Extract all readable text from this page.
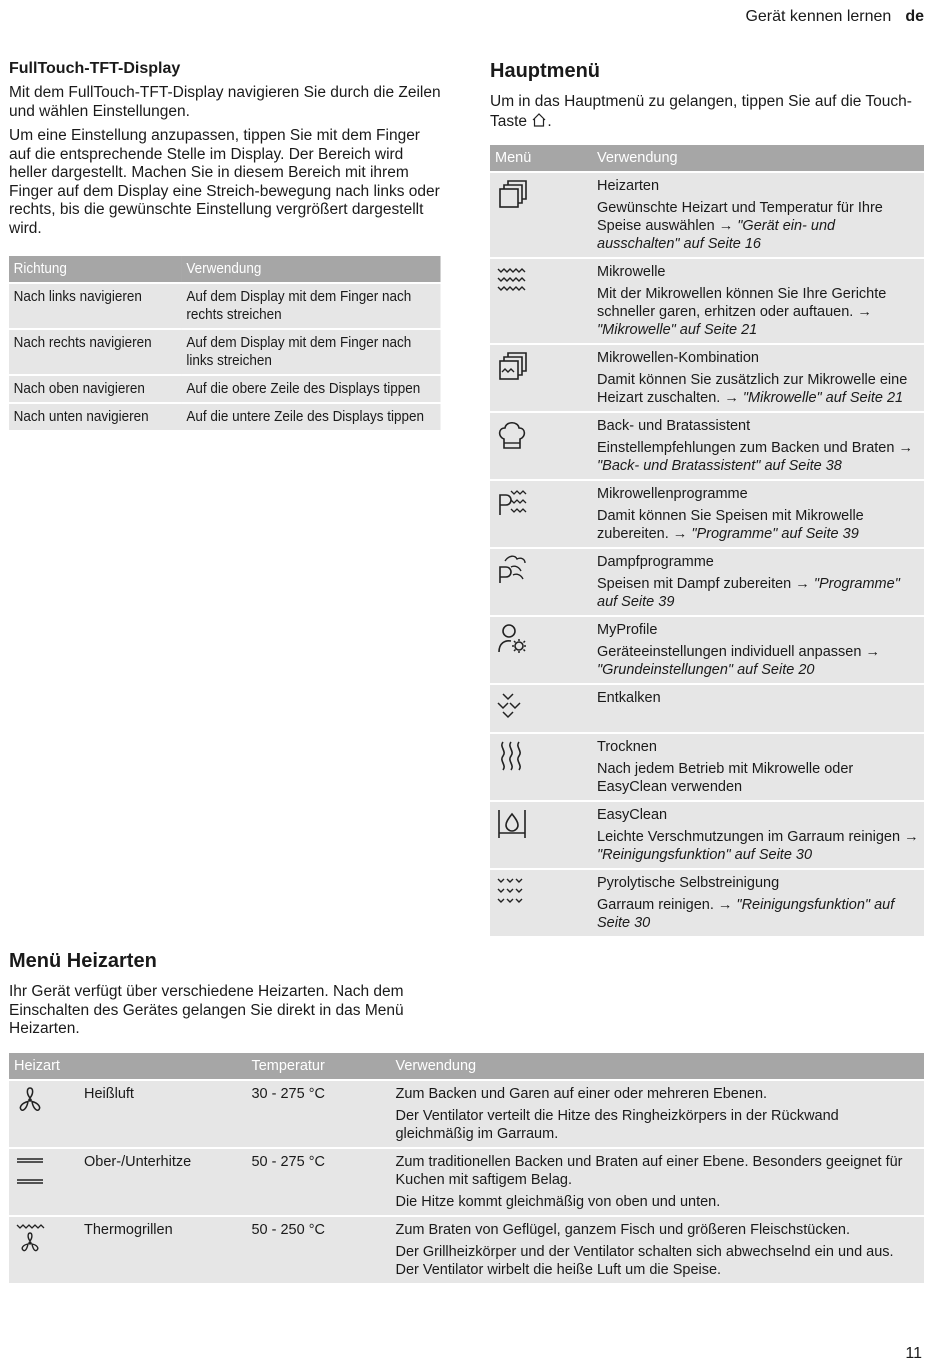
Gerät kennen lernen de
FullTouch-TFT-Display

Mit dem FullTouch-TFT-Display navigieren Sie durch die Zeilen und wählen Einstellungen.

Um eine Einstellung anzupassen, tippen Sie mit dem Finger auf die entsprechende Stelle im Display. Der Bereich wird heller dargestellt. Machen Sie in diesem Bereich mit ihrem Finger auf dem Display eine Streich-bewegung nach links oder rechts, bis die gewünschte Einstellung vergrößert dargestellt wird.

Richtung	Verwendung
Nach links navigieren	Auf dem Display mit dem Finger nach rechts streichen
Nach rechts navigieren	Auf dem Display mit dem Finger nach links streichen
Nach oben navigieren	Auf die obere Zeile des Displays tippen
Nach unten navigieren	Auf die untere Zeile des Displays tippen
Hauptmenü

Um in das Hauptmenü zu gelangen, tippen Sie auf die Touch-Taste .

Menü	Verwendung

Heizarten
Gewünschte Heizart und Temperatur für Ihre Speise auswählen → "Gerät ein- und ausschalten" auf Seite 16

Mikrowelle
Mit der Mikrowellen können Sie Ihre Gerichte schneller garen, erhitzen oder auftauen. → "Mikrowelle" auf Seite 21

Mikrowellen-Kombination
Damit können Sie zusätzlich zur Mikrowelle eine Heizart zuschalten. → "Mikrowelle" auf Seite 21

Back- und Bratassistent
Einstellempfehlungen zum Backen und Braten → "Back- und Bratassistent" auf Seite 38

Mikrowellenprogramme
Damit können Sie Speisen mit Mikrowelle zubereiten. → "Programme" auf Seite 39

Dampfprogramme
Speisen mit Dampf zubereiten → "Programme" auf Seite 39

MyProfile
Geräteeinstellungen individuell anpassen → "Grundeinstellungen" auf Seite 20

Entkalken

Trocknen
Nach jedem Betrieb mit Mikrowelle oder EasyClean verwenden

EasyClean
Leichte Verschmutzungen im Garraum reinigen → "Reinigungsfunktion" auf Seite 30

Pyrolytische Selbstreinigung
Garraum reinigen. → "Reinigungsfunktion" auf Seite 30
Menü Heizarten

Ihr Gerät verfügt über verschiedene Heizarten. Nach dem Einschalten des Gerätes gelangen Sie direkt in das Menü Heizarten.

Heizart		Temperatur	Verwendung
	Heißluft	30 - 275 °C	Zum Backen und Garen auf einer oder mehreren Ebenen.
Der Ventilator verteilt die Hitze des Ringheizkörpers in der Rückwand gleichmäßig im Garraum.
	Ober-/Unterhitze	50 - 275 °C	Zum traditionellen Backen und Braten auf einer Ebene. Besonders geeignet für Kuchen mit saftigem Belag.
Die Hitze kommt gleichmäßig von oben und unten.
	Thermogrillen	50 - 250 °C	Zum Braten von Geflügel, ganzem Fisch und größeren Fleischstücken.
Der Grillheizkörper und der Ventilator schalten sich abwechselnd ein und aus. Der Ventilator wirbelt die heiße Luft um die Speise.
11
